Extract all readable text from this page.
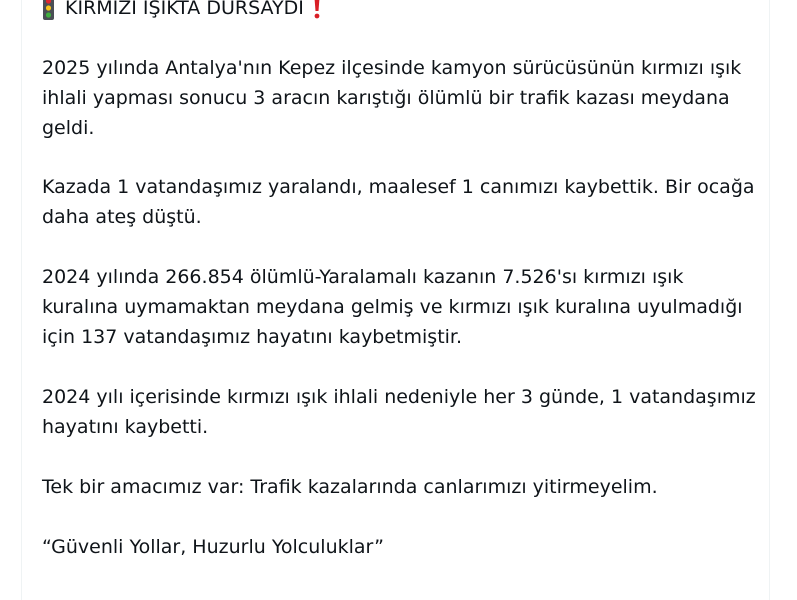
KIRMIZI IŞIKTA DURSAYDI

2025 yılında Antalya'nın Kepez ilçesinde kamyon sürücüsünün kırmızı ışık ihlali yapması sonucu 3 aracın karıştığı ölümlü bir trafik kazası meydana geldi.

Kazada 1 vatandaşımız yaralandı, maalesef 1 canımızı kaybettik. Bir ocağa daha ateş düştü.

2024 yılında 266.854 ölümlü-Yaralamalı kazanın 7.526'sı kırmızı ışık kuralına uymamaktan meydana gelmiş ve kırmızı ışık kuralına uyulmadığı için 137 vatandaşımız hayatını kaybetmiştir.

2024 yılı içerisinde kırmızı ışık ihlali nedeniyle her 3 günde, 1 vatandaşımız hayatını kaybetti.

Tek bir amacımız var: Trafik kazalarında canlarımızı yitirmeyelim.

“Güvenli Yollar, Huzurlu Yolculuklar”
